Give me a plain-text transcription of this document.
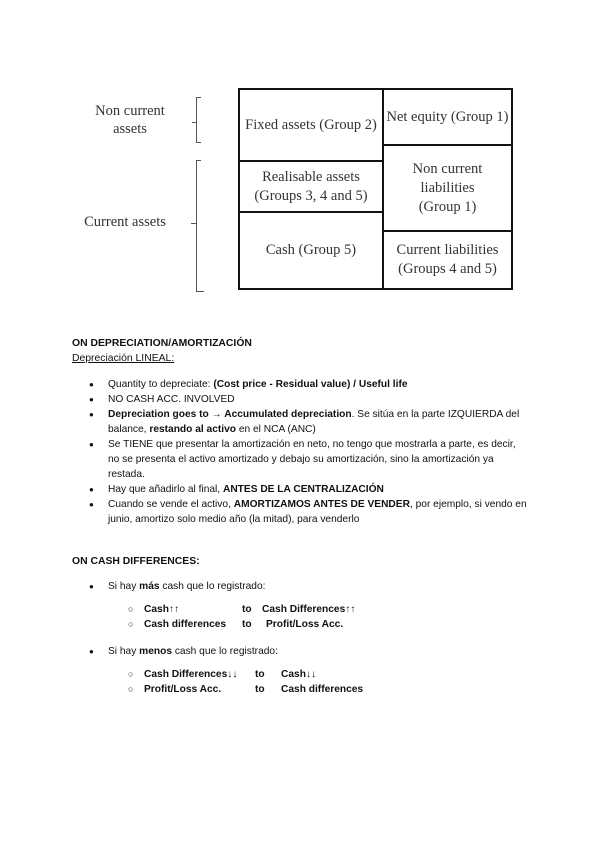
Non current
assets
Current assets
Fixed assets (Group 2)
Realisable assets
(Groups 3, 4 and 5)
Cash (Group 5)
Net equity (Group 1)
Non current liabilities
(Group 1)
Current liabilities
(Groups 4 and 5)
ON DEPRECIATION/AMORTIZACIÓN
Depreciación LINEAL:
● Quantity to depreciate: (Cost price - Residual value) / Useful life
● NO CASH ACC. INVOLVED
● Depreciation goes to → Accumulated depreciation. Se sitúa en la parte IZQUIERDA del balance, restando al activo en el NCA (ANC)
● Se TIENE que presentar la amortización en neto, no tengo que mostrarla a parte, es decir, no se presenta el activo amortizado y debajo su amortización, sino la amortización ya restada.
● Hay que añadirlo al final, ANTES DE LA CENTRALIZACIÓN
● Cuando se vende el activo, AMORTIZAMOS ANTES DE VENDER, por ejemplo, si vendo en junio, amortizo solo medio año (la mitad), para venderlo
ON CASH DIFFERENCES:
● Si hay más cash que lo registrado:
○ Cash↑↑	to Cash Differences↑↑
○ Cash differences to Profit/Loss Acc.
● Si hay menos cash que lo registrado:
○ Cash Differences↓↓ to Cash↓↓
○ Profit/Loss Acc.	to Cash differences
